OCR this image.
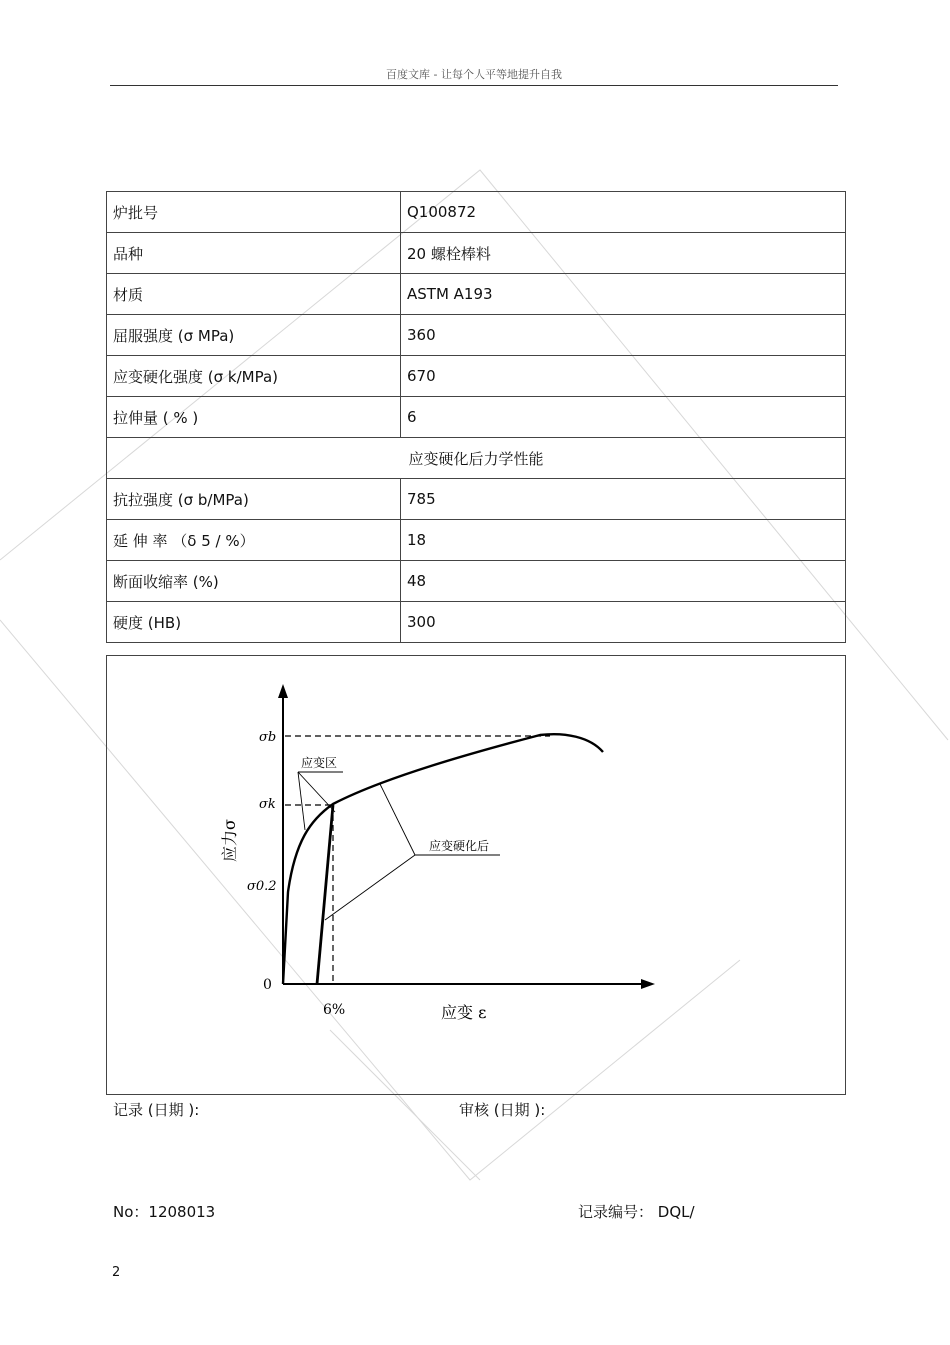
百度文库 - 让每个人平等地提升自我
炉批号	Q100872
品种	20 螺栓棒料
材质	ASTM A193
屈服强度 (σ MPa)	360
应变硬化强度 (σ k/MPa)	670
拉伸量 ( % )	6
应变硬化后力学性能	
抗拉强度 (σ b/MPa)	785
延 伸 率 （δ 5 / %）	18
断面收缩率 (%)	48
硬度 (HB)	300
应变区
应变硬化后
σb
σk
σ0.2
0
6%	应变 ε
应力σ
记录 (日期 ):	审核 (日期 ):
No：1208013	记录编号： DQL/
2
